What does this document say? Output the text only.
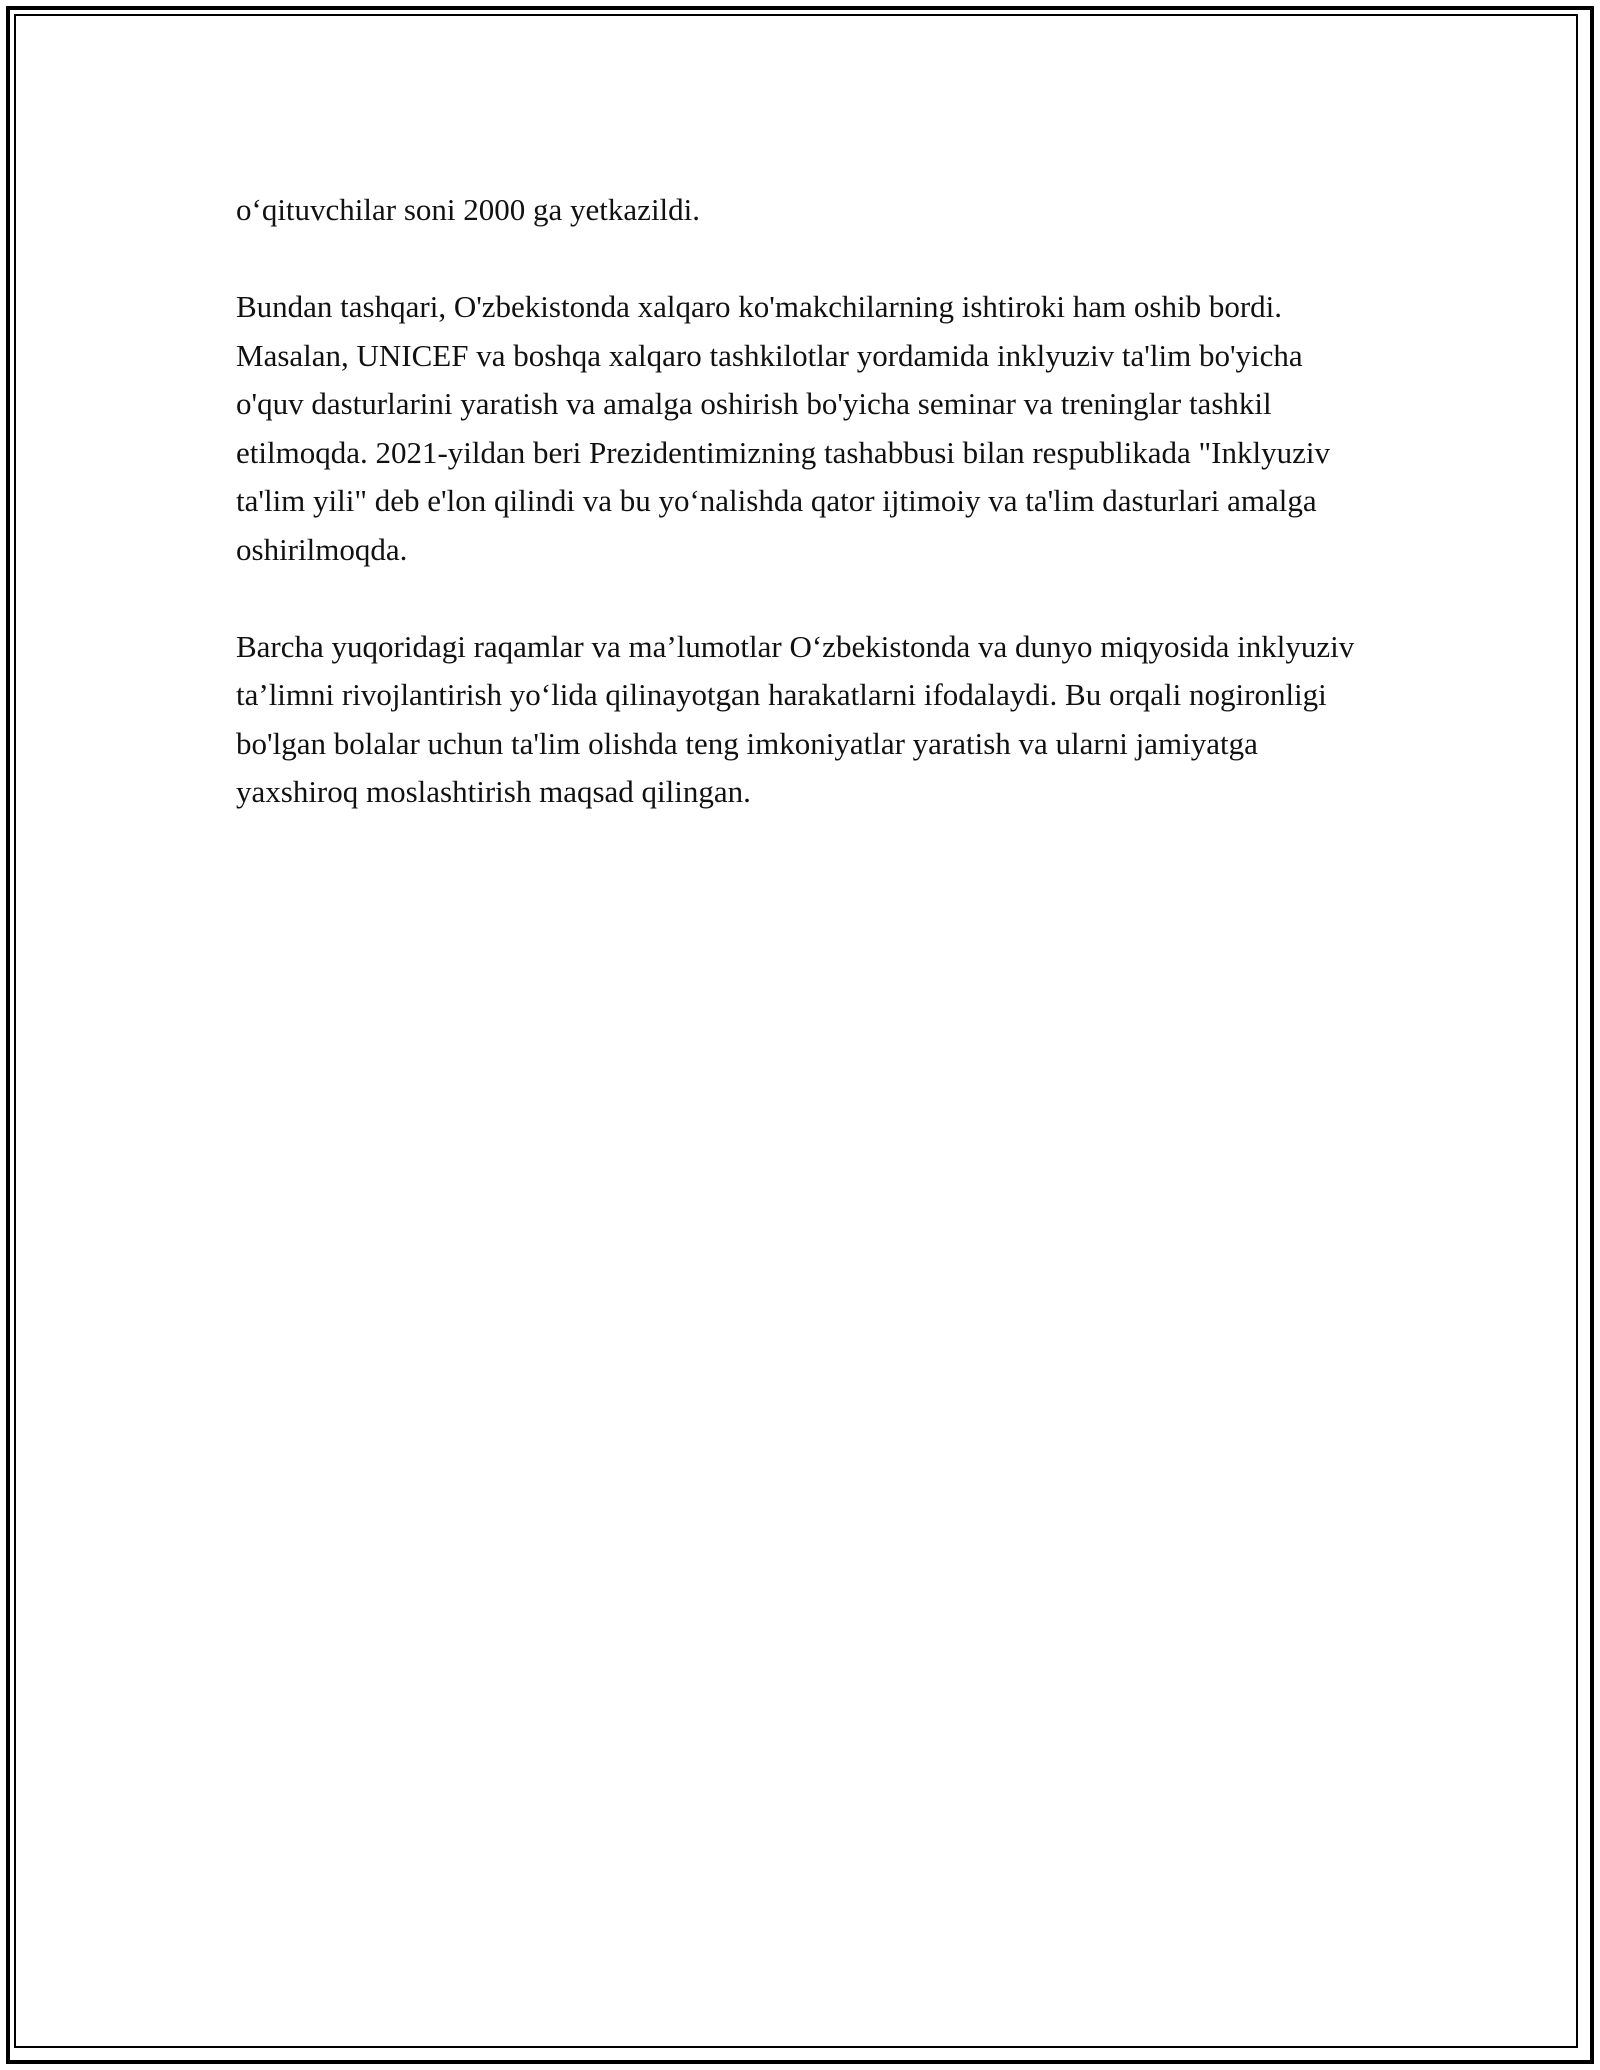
o‘qituvchilar soni 2000 ga yetkazildi.

Bundan tashqari, O'zbekistonda xalqaro ko'makchilarning ishtiroki ham oshib bordi. Masalan, UNICEF va boshqa xalqaro tashkilotlar yordamida inklyuziv ta'lim bo'yicha o'quv dasturlarini yaratish va amalga oshirish bo'yicha seminar va treninglar tashkil etilmoqda. 2021-yildan beri Prezidentimizning tashabbusi bilan respublikada "Inklyuziv ta'lim yili" deb e'lon qilindi va bu yo‘nalishda qator ijtimoiy va ta'lim dasturlari amalga oshirilmoqda.

Barcha yuqoridagi raqamlar va ma’lumotlar O‘zbekistonda va dunyo miqyosida inklyuziv ta’limni rivojlantirish yo‘lida qilinayotgan harakatlarni ifodalaydi. Bu orqali nogironligi bo'lgan bolalar uchun ta'lim olishda teng imkoniyatlar yaratish va ularni jamiyatga yaxshiroq moslashtirish maqsad qilingan.
